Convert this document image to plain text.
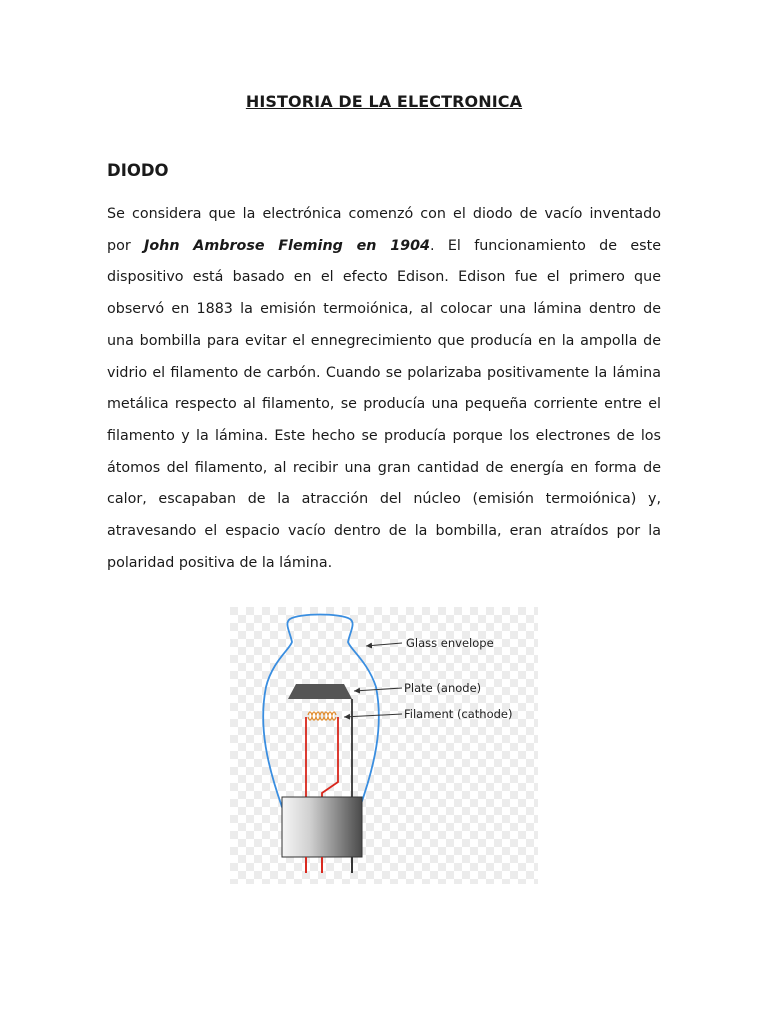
HISTORIA DE LA ELECTRONICA
DIODO

Se considera que la electrónica comenzó con el diodo de vacío inventado por John Ambrose Fleming en 1904. El funcionamiento de este dispositivo está basado en el efecto Edison. Edison fue el primero que observó en 1883 la emisión termoiónica, al colocar una lámina dentro de una bombilla para evitar el ennegrecimiento que producía en la ampolla de vidrio el filamento de carbón. Cuando se polarizaba positivamente la lámina metálica respecto al filamento, se producía una pequeña corriente entre el filamento y la lámina. Este hecho se producía porque los electrones de los átomos del filamento, al recibir una gran cantidad de energía en forma de calor, escapaban de la atracción del núcleo (emisión termoiónica) y, atravesando el espacio vacío dentro de la bombilla, eran atraídos por la polaridad positiva de la lámina.

Glass envelope
Plate (anode)
Filament (cathode)
